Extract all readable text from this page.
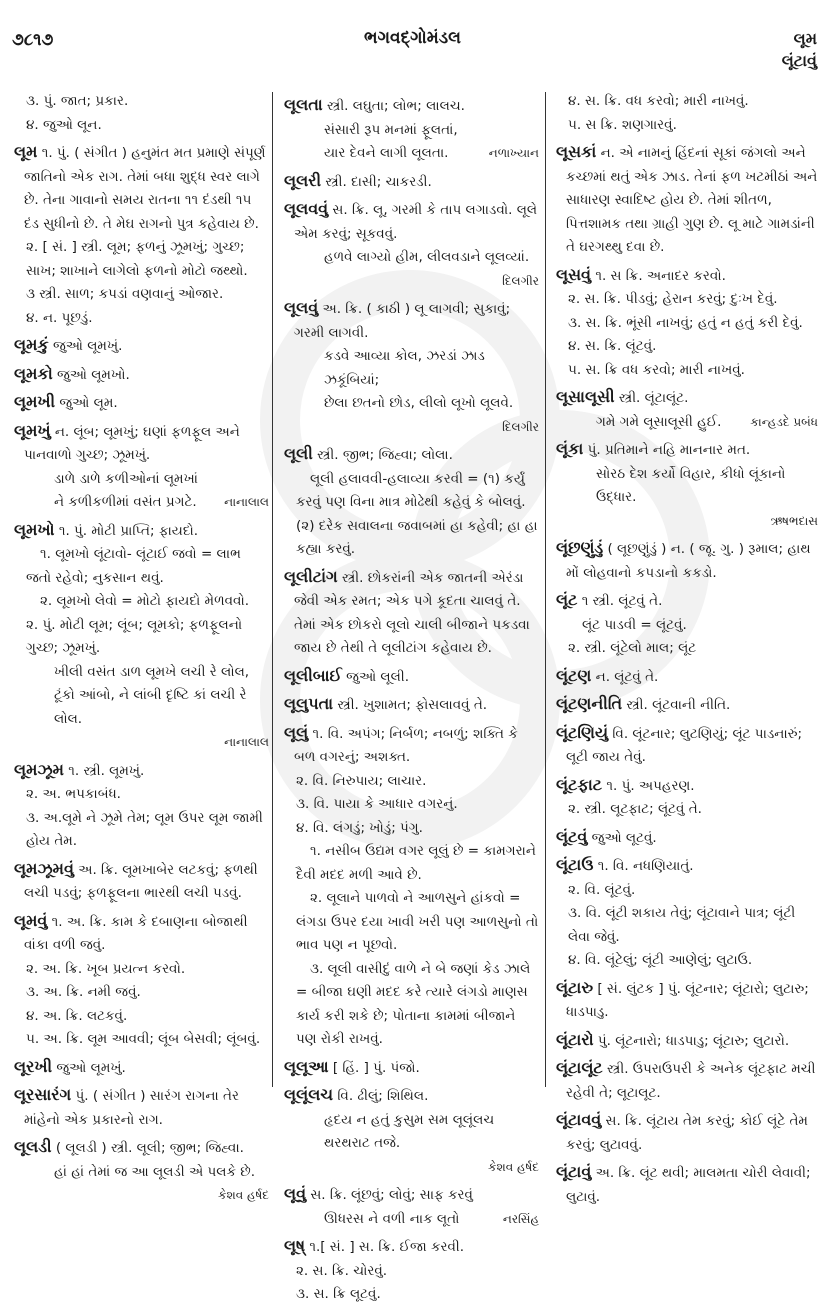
૭૮૧૭	ભગવદ્ગોમંડલ	લૂમ
લૂંટાવું
૩. પું. જાત; પ્રકાર.
૪. જુઓ લૂન.
લૂમ ૧. પું. ( સંગીત ) હનુમંત મત પ્રમાણે સંપૂર્ણ જાતિનો એક રાગ. તેમાં બધા શુદ્ધ સ્વર લાગે છે. તેના ગાવાનો સમય રાતના ૧૧ દંડથી ૧૫ દંડ સુધીનો છે. તે મેઘ રાગનો પુત્ર કહેવાય છે.
૨. [ સં. ] સ્ત્રી. લૂમ; ફળનું ઝૂમખું; ગુચ્છ; સાખ; શાખાને લાગેલો ફળનો મોટો જથ્થો.
૩ સ્ત્રી. સાળ; કપડાં વણવાનું ઓજાર.
૪. ન. પૂછડું.
લૂમકું જુઓ લૂમખું.
લૂમકો જુઓ લૂમખો.
લૂમખી જુઓ લૂમ.
લૂમખું ન. લૂંબ; લૂમખું; ઘણાં ફળફૂલ અને પાનવાળો ગુચ્છ; ઝૂમખું.
ડાળે ડાળે કળીઓનાં લૂમખાં
નાનાલાલ
ને કળીકળીમાં વસંત પ્રગટે.
લૂમખો ૧. પું. મોટી પ્રાપ્તિ; ફાયદો.
૧. લૂમખો લૂંટાવો- લૂંટાઈ જવો = લાભ જતો રહેવો; નુકસાન થવું.
૨. લૂમખો લેવો = મોટો ફાયદો મેળવવો.
૨. પું. મોટી લૂમ; લૂંબ; લૂમકો; ફળફૂલનો ગુચ્છ; ઝૂમખું.
ખીલી વસંત ડાળ લૂમખે લચી રે લોલ,
ટૂંકો આંબો, ને લાંબી દૃષ્ટિ કાં લચી રે લોલ.
નાનાલાલ
લૂમઝૂમ ૧. સ્ત્રી. લૂમખું.
૨. અ. ભપકાબંધ.
૩. અ.લૂમે ને ઝૂમે તેમ; લૂમ ઉપર લૂમ જામી હોય તેમ.
લૂમઝૂમવું અ. ક્રિ. લૂમખાબેર લટકવું; ફળથી લચી પડવું; ફળફૂલના ભારથી લચી પડવું.
લૂમવું ૧. અ. ક્રિ. કામ કે દબાણના બોજાથી વાંકા વળી જવું.
૨. અ. ક્રિ. ખૂબ પ્રયત્ન કરવો.
૩. અ. ક્રિ. નમી જવું.
૪. અ. ક્રિ. લટકવું.
૫. અ. ક્રિ. લૂમ આવવી; લૂંબ બેસવી; લૂંબવું.
લૂરખી જુઓ લૂમખું.
લૂરસારંગ પું. ( સંગીત ) સારંગ રાગના તેર માંહેનો એક પ્રકારનો રાગ.
લૂલડી ( લૂલડી ) સ્ત્રી. લૂલી; જીભ; જિહ્વા.
હાં હાં તેમાં જ આ લૂલડી એ પલકે છે.
કેશવ હર્ષદ
લૂલતા સ્ત્રી. લઘુતા; લોભ; લાલચ.
સંસારી રૂપ મનમાં ફૂલતાં,
નળાખ્યાન
યાર દેવને લાગી લૂલતા.
લૂલરી સ્ત્રી. દાસી; ચાકરડી.
લૂલવવું સ. ક્રિ. લૂ, ગરમી કે તાપ લગાડવો. લૂલે એમ કરવું; સૂકવવું.
હળવે લાગ્યો હીમ, લીલવડાને લૂલવ્યાં.
દિલગીર
લૂલવું અ. ક્રિ. ( કાઠી ) લૂ લાગવી; સુકાવું; ગરમી લાગવી.
કડવે આવ્યા કોલ, ઝરડાં ઝાડ ઝકૂંબિયાં;
છેલા છતનો છોડ, લીલો લૂખો લૂલવે.
દિલગીર
લૂલી સ્ત્રી. જીભ; જિહ્વા; લોલા.
લૂલી હલાવવી-હલાવ્યા કરવી = (૧) કર્યું કરવું પણ વિના માત્ર મોઢેથી કહેવું કે બોલવું. (૨) દરેક સવાલના જવાબમાં હા કહેવી; હા હા કહ્યા કરવું.
લૂલીટાંગ સ્ત્રી. છોકરાંની એક જાતની એરંડા જેવી એક રમત; એક પગે કૂદતા ચાલવું તે. તેમાં એક છોકરો લૂલો ચાલી બીજાને પકડવા જાય છે તેથી તે લૂલીટાંગ કહેવાય છે.
લૂલીબાઈ જુઓ લૂલી.
લૂલુપતા સ્ત્રી. ખુશામત; ફોસલાવવું તે.
લૂલું ૧. વિ. અપંગ; નિર્બળ; નબળું; શક્તિ કે બળ વગરનું; અશક્ત.
૨. વિ. નિરુપાય; લાચાર.
૩. વિ. પાયા કે આધાર વગરનું.
૪. વિ. લંગડું; ખોડું; પંગુ.
૧. નસીબ ઉદ્યમ વગર લૂલું છે = કામગરાને દૈવી મદદ મળી આવે છે.
૨. લૂલાને પાળવો ને આળસુને હાંકવો = લંગડા ઉપર દયા ખાવી ખરી પણ આળસુનો તો ભાવ પણ ન પૂછવો.
૩. લૂલી વાસીદું વાળે ને બે જણાં કેડ ઝાલે = બીજા ઘણી મદદ કરે ત્યારે લંગડો માણસ કાર્ય કરી શકે છે; પોતાના કામમાં બીજાને પણ રોકી રાખવું.
લૂલૂઆ [ હિં. ] પું. પંજો.
લૂલૂંલચ વિ. ઢીલું; શિથિલ.
હૃદય ન હતું કુસુમ સમ લૂલૂંલચ થરથરાટ તજે.
કેશવ હર્ષદ
લૂવું સ. ક્રિ. લૂંછવું; લોવું; સાફ કરવું
નરસિંહ
ઊધરસ ને વળી નાક લૂતો
લૂષ્ ૧.[ સં. ] સ. ક્રિ. ઈજા કરવી.
૨. સ. ક્રિ. ચોરવું.
૩. સ. ક્રિ લૂટવું.
૪. સ. ક્રિ. વધ કરવો; મારી નાખવું.
૫. સ ક્રિ. શણગારવું.
લૂસકાં ન. એ નામનું હિંદનાં સૂકાં જંગલો અને કચ્છમાં થતું એક ઝાડ. તેનાં ફળ ખટમીઠાં અને સાધારણ સ્વાદિષ્ટ હોય છે. તેમાં શીતળ, પિત્તશામક તથા ગ્રાહી ગુણ છે. લૂ માટે ગામડાંની તે ઘરગથ્થુ દવા છે.
લૂસવું ૧. સ ક્રિ. અનાદર કરવો.
૨. સ. ક્રિ. પીડવું; હેરાન કરવું; દુઃખ દેવું.
૩. સ. ક્રિ. ભૂંસી નાખવું; હતું ન હતું કરી દેવું.
૪. સ. ક્રિ. લૂંટવું.
૫. સ. ક્રિ વધ કરવો; મારી નાખવું.
લૂસાલૂસી સ્ત્રી. લૂંટાલૂંટ.
કાન્હડદે પ્રબંધ
ગમે ગમે લૂસાલૂસી હુઈ.
લૂંકા પું. પ્રતિમાને નહિ માનનાર મત.
સોરઠ દેશ કર્યો વિહાર, કીધો લૂંકાનો ઉદ્ધાર.
ઋષભદાસ
લૂંછણુંડું ( લૂછણુંડું ) ન. ( જૂ. ગુ. ) રૂમાલ; હાથ મોં લોહવાનો કપડાનો કકડો.
લૂંટ ૧ સ્ત્રી. લૂંટવું તે.
લૂંટ પાડવી = લૂંટવું.
૨. સ્ત્રી. લૂંટેલો માલ; લૂંટ
લૂંટણ ન. લૂંટવું તે.
લૂંટણનીતિ સ્ત્રી. લૂંટવાની નીતિ.
લૂંટણિયું વિ. લૂંટનાર; લુટણિયું; લૂંટ પાડનારું; લૂટી જાય તેવું.
લૂંટફાટ ૧. પું. અપહરણ.
૨. સ્ત્રી. લૂટફાટ; લૂંટવું તે.
લૂંટવું જુઓ લૂટવું.
લૂંટાઉ ૧. વિ. નધણિયાતું.
૨. વિ. લૂંટવું.
૩. વિ. લૂંટી શકાય તેવું; લૂંટાવાને પાત્ર; લૂંટી લેવા જેવું.
૪. વિ. લૂંટેલું; લૂંટી આણેલું; લુટાઉ.
લૂંટારુ [ સં. લુંટક ] પું. લૂંટનાર; લૂંટારો; લુટારુ; ધાડપાડુ.
લૂંટારો પું. લૂંટનારો; ધાડપાડુ; લૂંટારુ; લુટારો.
લૂંટાલૂંટ સ્ત્રી. ઉપરાઉપરી કે અનેક લૂંટફાટ મચી રહેવી તે; લૂટાલૂટ.
લૂંટાવવું સ. ક્રિ. લૂંટાય તેમ કરવું; કોઈ લૂંટે તેમ કરવું; લુટાવવું.
લૂંટાવું અ. ક્રિ. લૂંટ થવી; માલમતા ચોરી લેવાવી; લુટાવું.
